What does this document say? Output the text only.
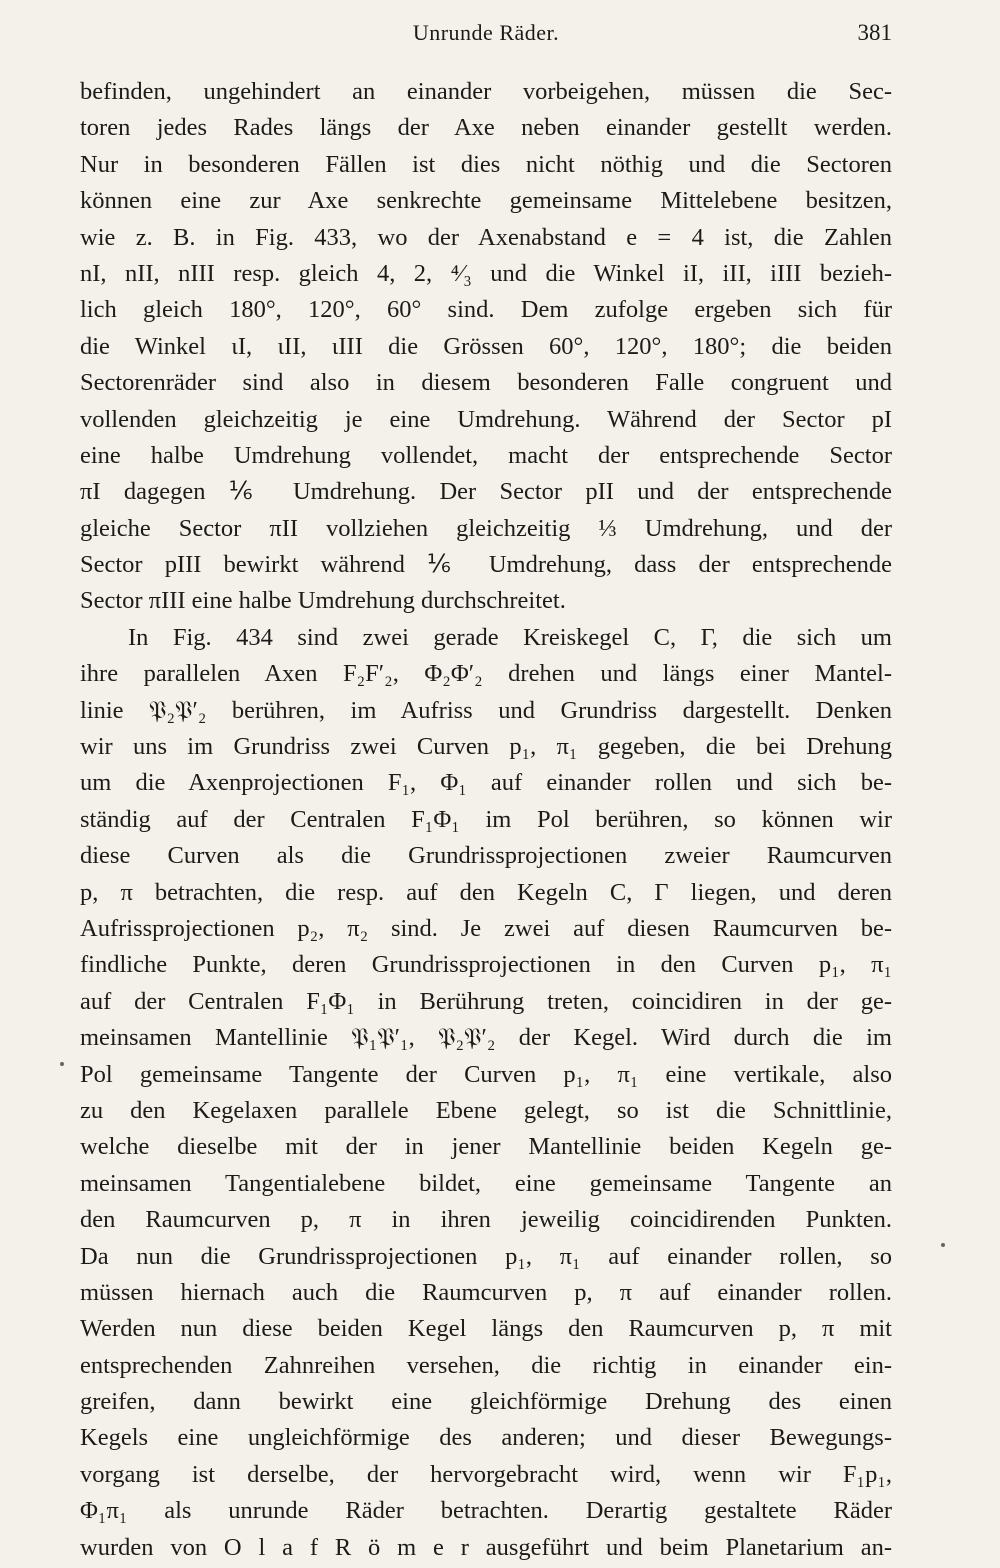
Unrunde Räder.	381
befinden, ungehindert an einander vorbeigehen, müssen die Sec-
toren jedes Rades längs der Axe neben einander gestellt werden.
Nur in besonderen Fällen ist dies nicht nöthig und die Sectoren
können eine zur Axe senkrechte gemeinsame Mittelebene besitzen,
wie z. B. in Fig. 433, wo der Axenabstand e = 4 ist, die Zahlen
nI, nII, nIII resp. gleich 4, 2, ⁴⁄₃ und die Winkel iI, iII, iIII bezieh-
lich gleich 180°, 120°, 60° sind. Dem zufolge ergeben sich für
die Winkel ιI, ιII, ιIII die Grössen 60°, 120°, 180°; die beiden
Sectorenräder sind also in diesem besonderen Falle congruent und
vollenden gleichzeitig je eine Umdrehung. Während der Sector pI
eine halbe Umdrehung vollendet, macht der entsprechende Sector
πI dagegen ⅙ Umdrehung. Der Sector pII und der entsprechende
gleiche Sector πII vollziehen gleichzeitig ⅓ Umdrehung, und der
Sector pIII bewirkt während ⅙ Umdrehung, dass der entsprechende
Sector πIII eine halbe Umdrehung durchschreitet.
In Fig. 434 sind zwei gerade Kreiskegel C, Γ, die sich um
ihre parallelen Axen F₂F′₂, Φ₂Φ′₂ drehen und längs einer Mantel-
linie 𝔓₂𝔓′₂ berühren, im Aufriss und Grundriss dargestellt. Denken
wir uns im Grundriss zwei Curven p₁, π₁ gegeben, die bei Drehung
um die Axenprojectionen F₁, Φ₁ auf einander rollen und sich be-
ständig auf der Centralen F₁Φ₁ im Pol berühren, so können wir
diese Curven als die Grundrissprojectionen zweier Raumcurven
p, π betrachten, die resp. auf den Kegeln C, Γ liegen, und deren
Aufrissprojectionen p₂, π₂ sind. Je zwei auf diesen Raumcurven be-
findliche Punkte, deren Grundrissprojectionen in den Curven p₁, π₁
auf der Centralen F₁Φ₁ in Berührung treten, coincidiren in der ge-
meinsamen Mantellinie 𝔓₁𝔓′₁, 𝔓₂𝔓′₂ der Kegel. Wird durch die im
Pol gemeinsame Tangente der Curven p₁, π₁ eine vertikale, also
zu den Kegelaxen parallele Ebene gelegt, so ist die Schnittlinie,
welche dieselbe mit der in jener Mantellinie beiden Kegeln ge-
meinsamen Tangentialebene bildet, eine gemeinsame Tangente an
den Raumcurven p, π in ihren jeweilig coincidirenden Punkten.
Da nun die Grundrissprojectionen p₁, π₁ auf einander rollen, so
müssen hiernach auch die Raumcurven p, π auf einander rollen.
Werden nun diese beiden Kegel längs den Raumcurven p, π mit
entsprechenden Zahnreihen versehen, die richtig in einander ein-
greifen, dann bewirkt eine gleichförmige Drehung des einen
Kegels eine ungleichförmige des anderen; und dieser Bewegungs-
vorgang ist derselbe, der hervorgebracht wird, wenn wir F₁p₁,
Φ₁π₁ als unrunde Räder betrachten. Derartig gestaltete Räder
wurden von O l a f R ö m e r ausgeführt und beim Planetarium an-
